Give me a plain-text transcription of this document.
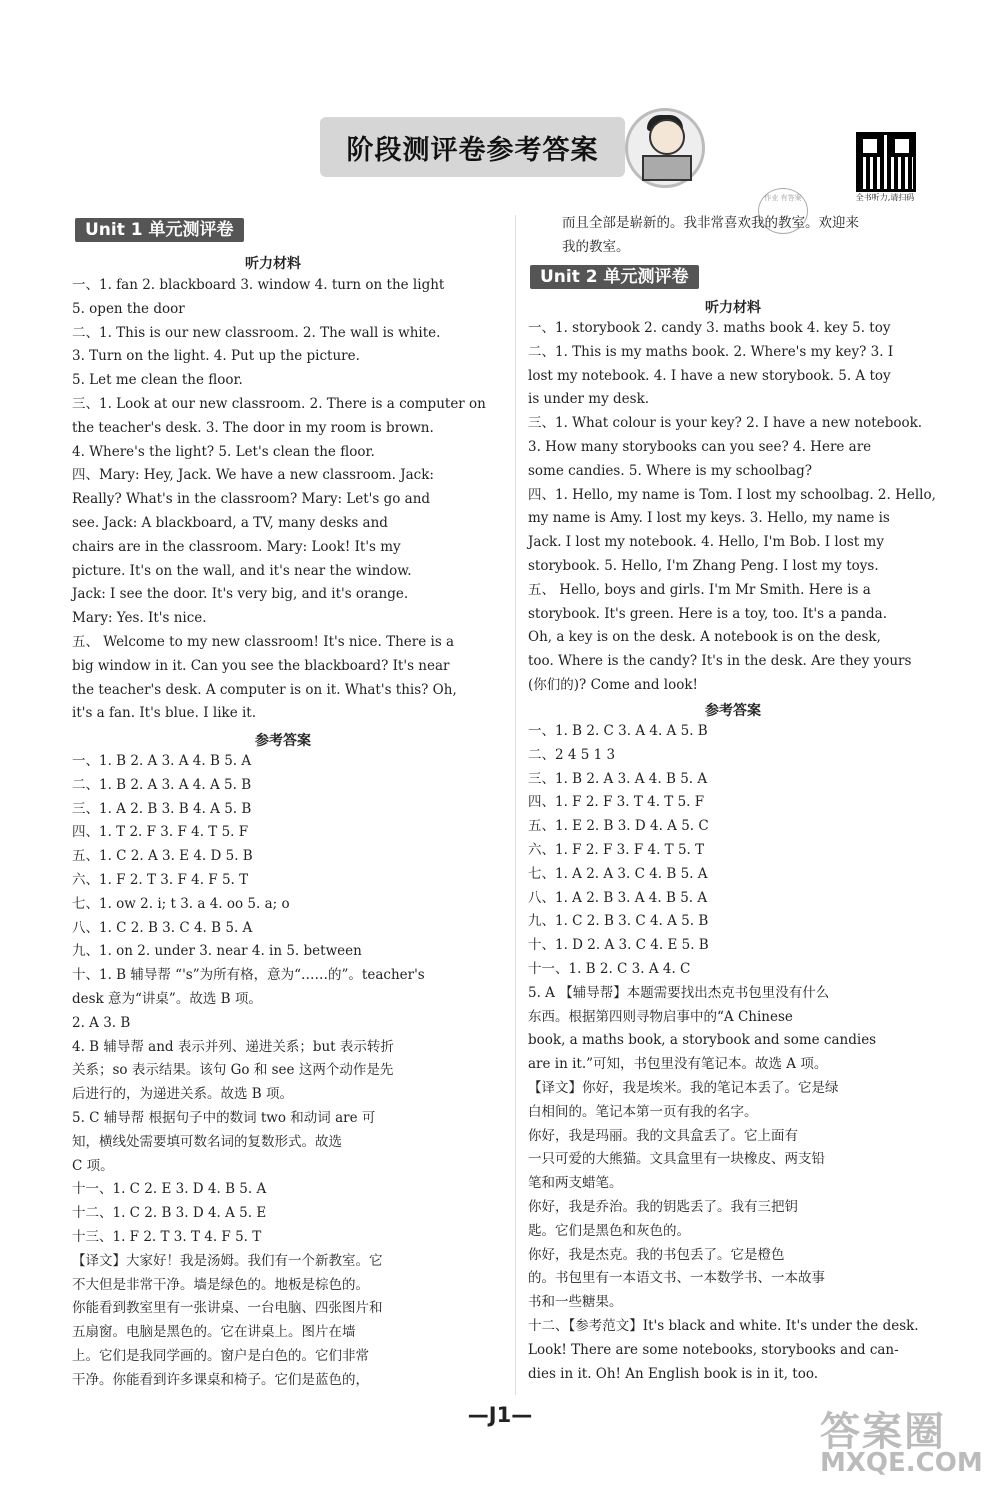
阶段测评卷参考答案
全书听力,请扫码
作业 有答案
Unit 1 单元测评卷
听力材料
一、1. fan 2. blackboard 3. window 4. turn on the light
5. open the door
二、1. This is our new classroom. 2. The wall is white.
3. Turn on the light. 4. Put up the picture.
5. Let me clean the floor.
三、1. Look at our new classroom. 2. There is a computer on
the teacher's desk. 3. The door in my room is brown.
4. Where's the light? 5. Let's clean the floor.
四、Mary: Hey, Jack. We have a new classroom. Jack:
Really? What's in the classroom? Mary: Let's go and
see. Jack: A blackboard, a TV, many desks and
chairs are in the classroom. Mary: Look! It's my
picture. It's on the wall, and it's near the window.
Jack: I see the door. It's very big, and it's orange.
Mary: Yes. It's nice.
五、 Welcome to my new classroom! It's nice. There is a
big window in it. Can you see the blackboard? It's near
the teacher's desk. A computer is on it. What's this? Oh,
it's a fan. It's blue. I like it.
参考答案
一、1. B 2. A 3. A 4. B 5. A
二、1. B 2. A 3. A 4. A 5. B
三、1. A 2. B 3. B 4. A 5. B
四、1. T 2. F 3. F 4. T 5. F
五、1. C 2. A 3. E 4. D 5. B
六、1. F 2. T 3. F 4. F 5. T
七、1. ow 2. i; t 3. a 4. oo 5. a; o
八、1. C 2. B 3. C 4. B 5. A
九、1. on 2. under 3. near 4. in 5. between
十、1. B 辅导帮 “'s”为所有格，意为“……的”。teacher's
desk 意为“讲桌”。故选 B 项。
2. A 3. B
4. B 辅导帮 and 表示并列、递进关系；but 表示转折
关系；so 表示结果。该句 Go 和 see 这两个动作是先
后进行的，为递进关系。故选 B 项。
5. C 辅导帮 根据句子中的数词 two 和动词 are 可
知，横线处需要填可数名词的复数形式。故选
C 项。
十一、1. C 2. E 3. D 4. B 5. A
十二、1. C 2. B 3. D 4. A 5. E
十三、1. F 2. T 3. T 4. F 5. T
【译文】大家好！我是汤姆。我们有一个新教室。它
不大但是非常干净。墙是绿色的。地板是棕色的。
你能看到教室里有一张讲桌、一台电脑、四张图片和
五扇窗。电脑是黑色的。它在讲桌上。图片在墙
上。它们是我同学画的。窗户是白色的。它们非常
干净。你能看到许多课桌和椅子。它们是蓝色的，
而且全部是崭新的。我非常喜欢我的教室。欢迎来
我的教室。
Unit 2 单元测评卷
听力材料
一、1. storybook 2. candy 3. maths book 4. key 5. toy
二、1. This is my maths book. 2. Where's my key? 3. I
lost my notebook. 4. I have a new storybook. 5. A toy
is under my desk.
三、1. What colour is your key? 2. I have a new notebook.
3. How many storybooks can you see? 4. Here are
some candies. 5. Where is my schoolbag?
四、1. Hello, my name is Tom. I lost my schoolbag. 2. Hello,
my name is Amy. I lost my keys. 3. Hello, my name is
Jack. I lost my notebook. 4. Hello, I'm Bob. I lost my
storybook. 5. Hello, I'm Zhang Peng. I lost my toys.
五、 Hello, boys and girls. I'm Mr Smith. Here is a
storybook. It's green. Here is a toy, too. It's a panda.
Oh, a key is on the desk. A notebook is on the desk,
too. Where is the candy? It's in the desk. Are they yours
(你们的)? Come and look!
参考答案
一、1. B 2. C 3. A 4. A 5. B
二、2 4 5 1 3
三、1. B 2. A 3. A 4. B 5. A
四、1. F 2. F 3. T 4. T 5. F
五、1. E 2. B 3. D 4. A 5. C
六、1. F 2. F 3. F 4. T 5. T
七、1. A 2. A 3. C 4. B 5. A
八、1. A 2. B 3. A 4. B 5. A
九、1. C 2. B 3. C 4. A 5. B
十、1. D 2. A 3. C 4. E 5. B
十一、1. B 2. C 3. A 4. C
5. A 【辅导帮】本题需要找出杰克书包里没有什么
东西。根据第四则寻物启事中的“A Chinese
book, a maths book, a storybook and some candies
are in it.”可知，书包里没有笔记本。故选 A 项。
【译文】你好，我是埃米。我的笔记本丢了。它是绿
白相间的。笔记本第一页有我的名字。
你好，我是玛丽。我的文具盒丢了。它上面有
一只可爱的大熊猫。文具盒里有一块橡皮、两支铅
笔和两支蜡笔。
你好，我是乔治。我的钥匙丢了。我有三把钥
匙。它们是黑色和灰色的。
你好，我是杰克。我的书包丢了。它是橙色
的。书包里有一本语文书、一本数学书、一本故事
书和一些糖果。
十二、【参考范文】It's black and white. It's under the desk.
Look! There are some notebooks, storybooks and can-
dies in it. Oh! An English book is in it, too.
—J1—	答案圈
MXQE.COM
